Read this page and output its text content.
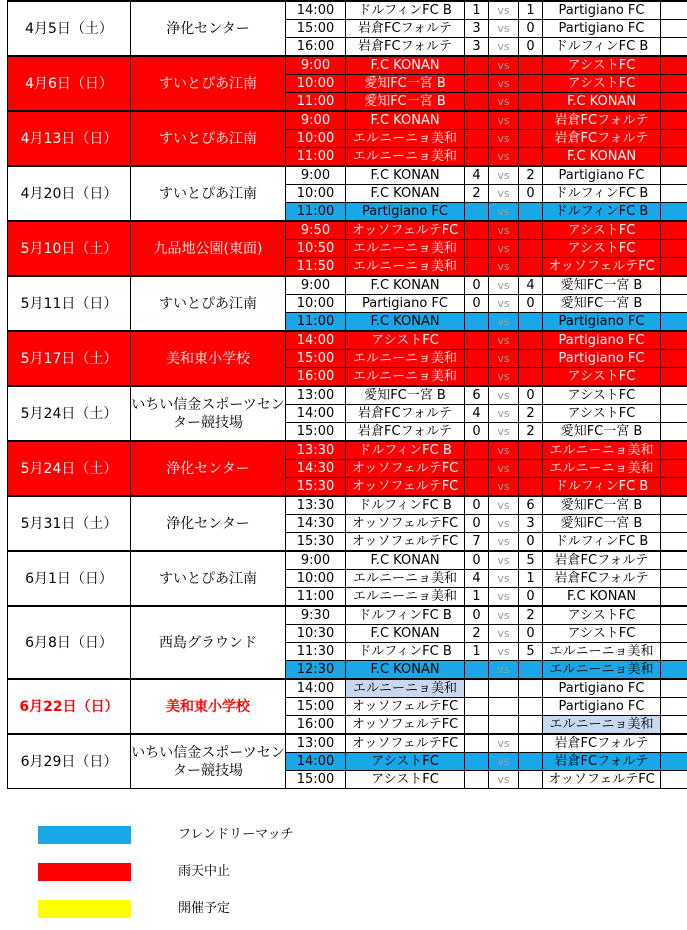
4月5日（土）	浄化センター	14:00	ドルフィンFC B	1	vs	1	Partigiano FC	
		15:00	岩倉FCフォルテ	3	vs	0	Partigiano FC	
		16:00	岩倉FCフォルテ	3	vs	0	ドルフィンFC B	
4月6日（日）	すいとぴあ江南	9:00	F.C KONAN		vs		アシストFC	
		10:00	愛知FC一宮 B		vs		アシストFC	
		11:00	愛知FC一宮 B		vs		F.C KONAN	
4月13日（日）	すいとぴあ江南	9:00	F.C KONAN		vs		岩倉FCフォルテ	
		10:00	エルニーニョ美和		vs		岩倉FCフォルテ	
		11:00	エルニーニョ美和		vs		F.C KONAN	
4月20日（日）	すいとぴあ江南	9:00	F.C KONAN	4	vs	2	Partigiano FC	
		10:00	F.C KONAN	2	vs	0	ドルフィンFC B	
		11:00	Partigiano FC		vs		ドルフィンFC B	
5月10日（土）	九品地公園(東面)	9:50	オッソフェルテFC		vs		アシストFC	
		10:50	エルニーニョ美和		vs		アシストFC	
		11:50	エルニーニョ美和		vs		オッソフェルテFC	
5月11日（日）	すいとぴあ江南	9:00	F.C KONAN	0	vs	4	愛知FC一宮 B	
		10:00	Partigiano FC	0	vs	0	愛知FC一宮 B	
		11:00	F.C KONAN		vs		Partigiano FC	
5月17日（土）	美和東小学校	14:00	アシストFC		vs		Partigiano FC	
		15:00	エルニーニョ美和		vs		Partigiano FC	
		16:00	エルニーニョ美和		vs		アシストFC	
5月24日（土）	いちい信金スポーツセンター競技場	13:00	愛知FC一宮 B	6	vs	0	アシストFC	
		14:00	岩倉FCフォルテ	4	vs	2	アシストFC	
		15:00	岩倉FCフォルテ	0	vs	2	愛知FC一宮 B	
5月24日（土）	浄化センター	13:30	ドルフィンFC B		vs		エルニーニョ美和	
		14:30	オッソフェルテFC		vs		エルニーニョ美和	
		15:30	オッソフェルテFC		vs		ドルフィンFC B	
5月31日（土）	浄化センター	13:30	ドルフィンFC B	0	vs	6	愛知FC一宮 B	
		14:30	オッソフェルテFC	0	vs	3	愛知FC一宮 B	
		15:30	オッソフェルテFC	7	vs	0	ドルフィンFC B	
6月1日（日）	すいとぴあ江南	9:00	F.C KONAN	0	vs	5	岩倉FCフォルテ	
		10:00	エルニーニョ美和	4	vs	1	岩倉FCフォルテ	
		11:00	エルニーニョ美和	1	vs	0	F.C KONAN	
6月8日（日）	西島グラウンド	9:30	ドルフィンFC B	0	vs	2	アシストFC	
		10:30	F.C KONAN	2	vs	0	アシストFC	
		11:30	ドルフィンFC B	1	vs	5	エルニーニョ美和	
		12:30	F.C KONAN		vs		エルニーニョ美和	
6月22日（日）	美和東小学校	14:00	エルニーニョ美和				Partigiano FC	
		15:00	オッソフェルテFC				Partigiano FC	
		16:00	オッソフェルテFC				エルニーニョ美和	
6月29日（日）	いちい信金スポーツセンター競技場	13:00	オッソフェルテFC		vs		岩倉FCフォルテ	
		14:00	アシストFC		vs		岩倉FCフォルテ	
		15:00	アシストFC		vs		オッソフェルテFC	
フレンドリーマッチ
雨天中止
開催予定
